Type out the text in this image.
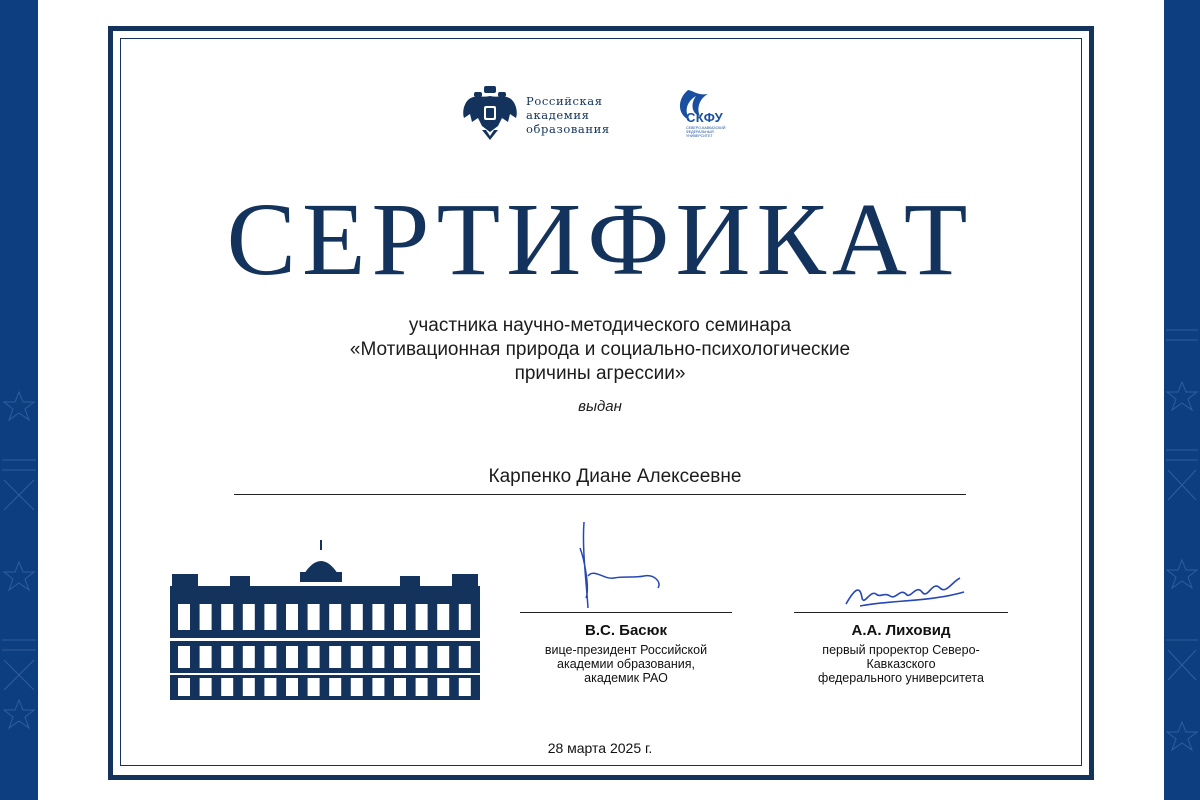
Российская
академия
образования
СКФУ
СЕВЕРО-КАВКАЗСКИЙ ФЕДЕРАЛЬНЫЙ УНИВЕРСИТЕТ
СЕРТИФИКАТ
участника научно-методического семинара
«Мотивационная природа и социально-психологические
причины агрессии»
выдан
Карпенко Диане Алексеевне
В.С. Басюк
вице-президент Российской
академии образования,
академик РАО
А.А. Лиховид
первый проректор Северо-Кавказского
федерального университета
28 марта 2025 г.
